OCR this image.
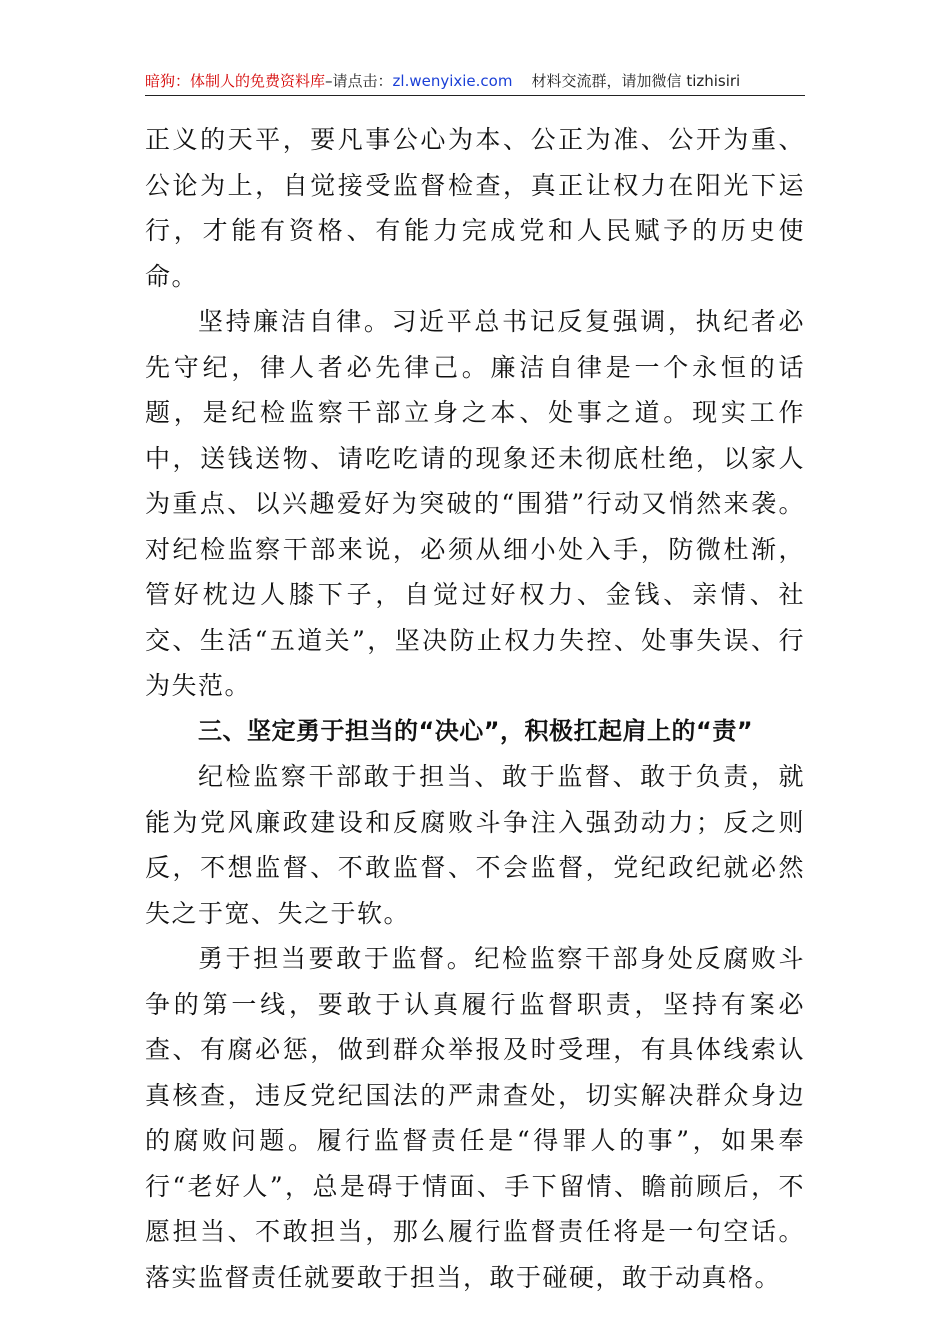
暗狗：体制人的免费资料库–请点击：zl.wenyixie.com 材料交流群，请加微信 tizhisiri

正义的天平，要凡事公心为本、公正为准、公开为重、公论为上，自觉接受监督检查，真正让权力在阳光下运行，才能有资格、有能力完成党和人民赋予的历史使命。

坚持廉洁自律。习近平总书记反复强调，执纪者必先守纪，律人者必先律己。廉洁自律是一个永恒的话题，是纪检监察干部立身之本、处事之道。现实工作中，送钱送物、请吃吃请的现象还未彻底杜绝，以家人为重点、以兴趣爱好为突破的“围猎”行动又悄然来袭。对纪检监察干部来说，必须从细小处入手，防微杜渐，管好枕边人膝下子，自觉过好权力、金钱、亲情、社交、生活“五道关”，坚决防止权力失控、处事失误、行为失范。

三、坚定勇于担当的“决心”，积极扛起肩上的“责”

纪检监察干部敢于担当、敢于监督、敢于负责，就能为党风廉政建设和反腐败斗争注入强劲动力；反之则反，不想监督、不敢监督、不会监督，党纪政纪就必然失之于宽、失之于软。

勇于担当要敢于监督。纪检监察干部身处反腐败斗争的第一线，要敢于认真履行监督职责，坚持有案必查、有腐必惩，做到群众举报及时受理，有具体线索认真核查，违反党纪国法的严肃查处，切实解决群众身边的腐败问题。履行监督责任是“得罪人的事”，如果奉行“老好人”，总是碍于情面、手下留情、瞻前顾后，不愿担当、不敢担当，那么履行监督责任将是一句空话。落实监督责任就要敢于担当，敢于碰硬，敢于动真格。
